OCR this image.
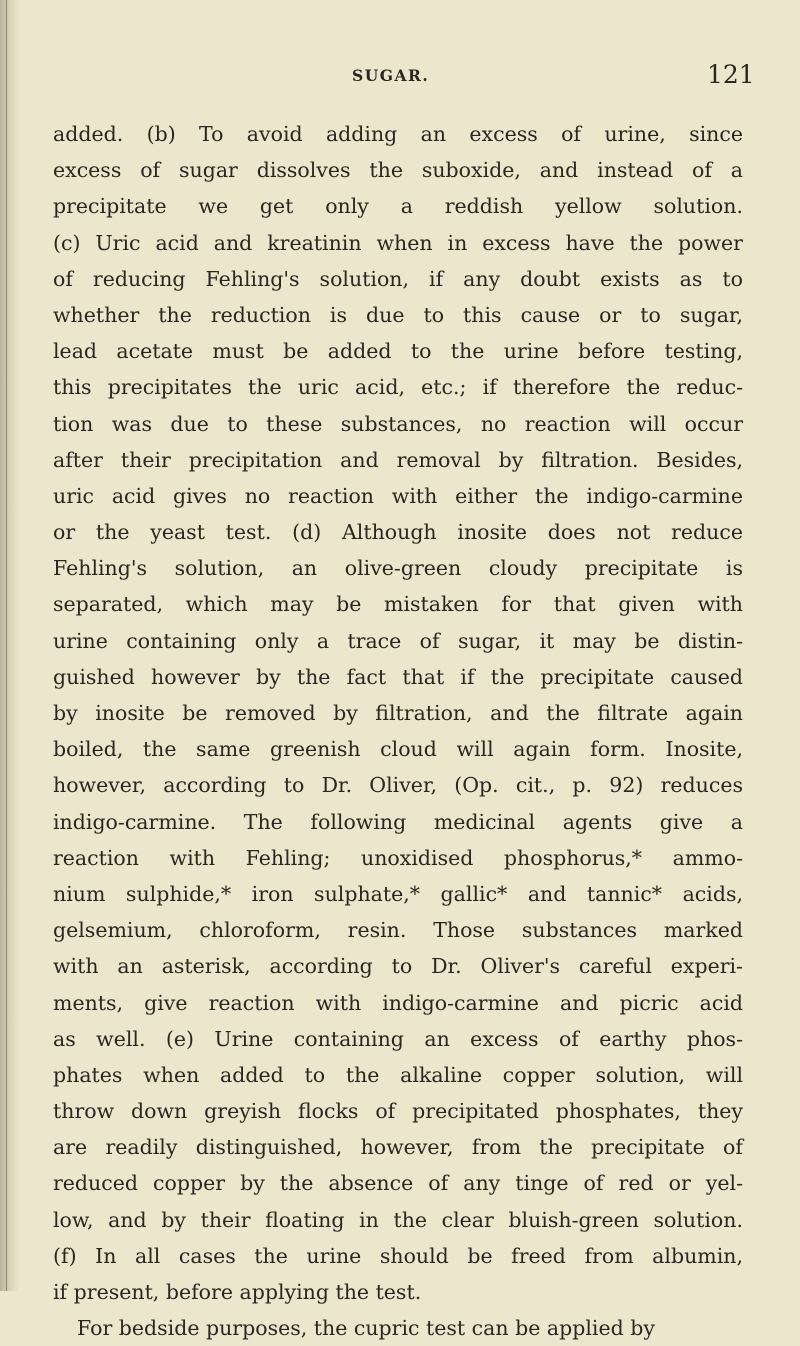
SUGAR.	121
added. (b) To avoid adding an excess of urine, since
excess of sugar dissolves the suboxide, and instead of a
precipitate we get only a reddish yellow solution.
(c) Uric acid and kreatinin when in excess have the power
of reducing Fehling's solution, if any doubt exists as to
whether the reduction is due to this cause or to sugar,
lead acetate must be added to the urine before testing,
this precipitates the uric acid, etc.; if therefore the reduc-
tion was due to these substances, no reaction will occur
after their precipitation and removal by filtration. Besides,
uric acid gives no reaction with either the indigo-carmine
or the yeast test. (d) Although inosite does not reduce
Fehling's solution, an olive-green cloudy precipitate is
separated, which may be mistaken for that given with
urine containing only a trace of sugar, it may be distin-
guished however by the fact that if the precipitate caused
by inosite be removed by filtration, and the filtrate again
boiled, the same greenish cloud will again form. Inosite,
however, according to Dr. Oliver, (Op. cit., p. 92) reduces
indigo-carmine. The following medicinal agents give a
reaction with Fehling; unoxidised phosphorus,* ammo-
nium sulphide,* iron sulphate,* gallic* and tannic* acids,
gelsemium, chloroform, resin. Those substances marked
with an asterisk, according to Dr. Oliver's careful experi-
ments, give reaction with indigo-carmine and picric acid
as well. (e) Urine containing an excess of earthy phos-
phates when added to the alkaline copper solution, will
throw down greyish flocks of precipitated phosphates, they
are readily distinguished, however, from the precipitate of
reduced copper by the absence of any tinge of red or yel-
low, and by their floating in the clear bluish-green solution.
(f) In all cases the urine should be freed from albumin,
if present, before applying the test.
For bedside purposes, the cupric test can be applied by
